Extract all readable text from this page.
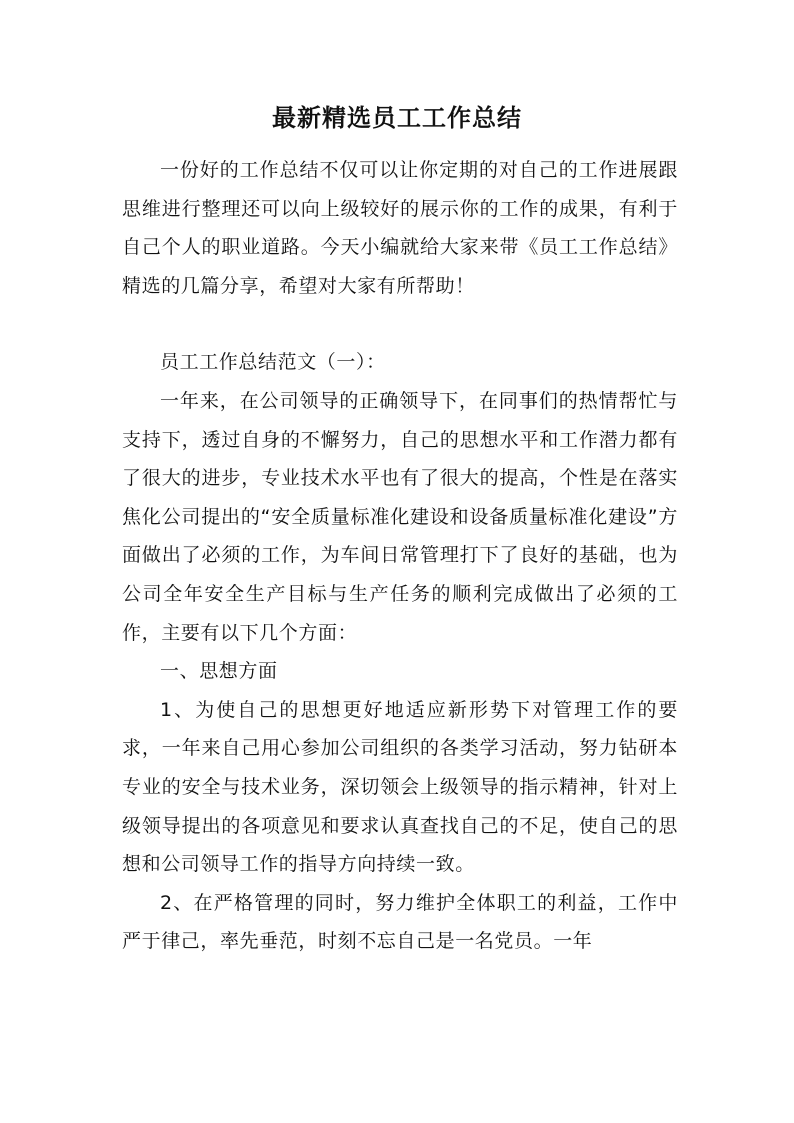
最新精选员工工作总结

一份好的工作总结不仅可以让你定期的对自己的工作进展跟思维进行整理还可以向上级较好的展示你的工作的成果，有利于自己个人的职业道路。今天小编就给大家来带《员工工作总结》精选的几篇分享，希望对大家有所帮助！

员工工作总结范文（一）：

一年来，在公司领导的正确领导下，在同事们的热情帮忙与支持下，透过自身的不懈努力，自己的思想水平和工作潜力都有了很大的进步，专业技术水平也有了很大的提高，个性是在落实焦化公司提出的“安全质量标准化建设和设备质量标准化建设”方面做出了必须的工作，为车间日常管理打下了良好的基础，也为公司全年安全生产目标与生产任务的顺利完成做出了必须的工作，主要有以下几个方面：

一、思想方面

1、为使自己的思想更好地适应新形势下对管理工作的要求，一年来自己用心参加公司组织的各类学习活动，努力钻研本专业的安全与技术业务，深切领会上级领导的指示精神，针对上级领导提出的各项意见和要求认真查找自己的不足，使自己的思想和公司领导工作的指导方向持续一致。

2、在严格管理的同时，努力维护全体职工的利益，工作中严于律己，率先垂范，时刻不忘自己是一名党员。一年
